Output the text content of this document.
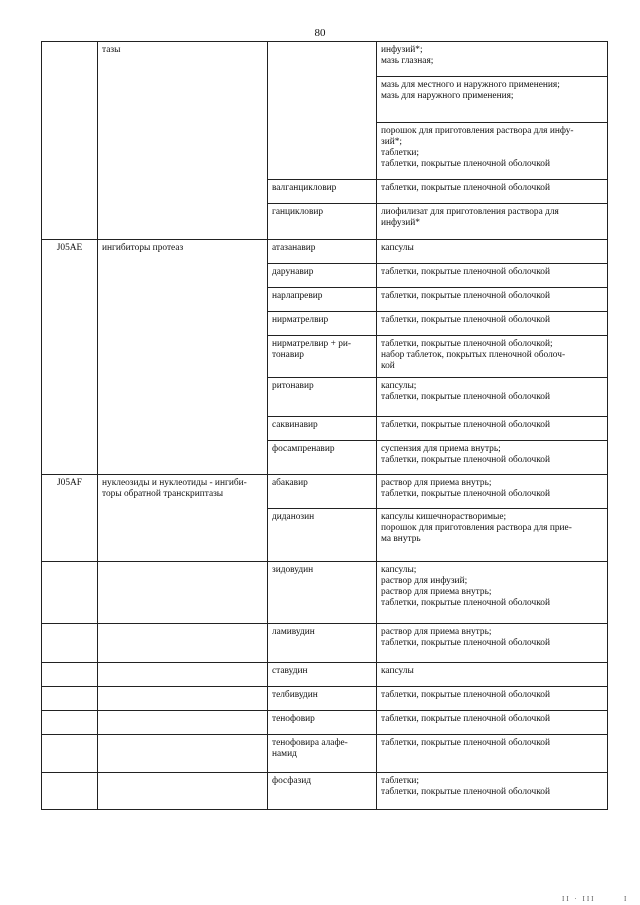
80
	тазы		инфузий*;
мазь глазная;
			мазь для местного и наружного применения;
мазь для наружного применения;
			порошок для приготовления раствора для инфу-
зий*;
таблетки;
таблетки, покрытые пленочной оболочкой
		валганцикловир	таблетки, покрытые пленочной оболочкой
		ганцикловир	лиофилизат для приготовления раствора для
инфузий*
J05AE	ингибиторы протеаз	атазанавир	капсулы
		дарунавир	таблетки, покрытые пленочной оболочкой
		нарлапревир	таблетки, покрытые пленочной оболочкой
		нирматрелвир	таблетки, покрытые пленочной оболочкой
		нирматрелвир + ри-
тонавир	таблетки, покрытые пленочной оболочкой;
набор таблеток, покрытых пленочной оболоч-
кой
		ритонавир	капсулы;
таблетки, покрытые пленочной оболочкой
		саквинавир	таблетки, покрытые пленочной оболочкой
		фосампренавир	суспензия для приема внутрь;
таблетки, покрытые пленочной оболочкой
J05AF	нуклеозиды и нуклеотиды - ингиби-
торы обратной транскриптазы	абакавир	раствор для приема внутрь;
таблетки, покрытые пленочной оболочкой
		диданозин	капсулы кишечнорастворимые;
порошок для приготовления раствора для прие-
ма внутрь
		зидовудин	капсулы;
раствор для инфузий;
раствор для приема внутрь;
таблетки, покрытые пленочной оболочкой
		ламивудин	раствор для приема внутрь;
таблетки, покрытые пленочной оболочкой
		ставудин	капсулы
		телбивудин	таблетки, покрытые пленочной оболочкой
		тенофовир	таблетки, покрытые пленочной оболочкой
		тенофовира алафе-
намид	таблетки, покрытые пленочной оболочкой
		фосфазид	таблетки;
таблетки, покрытые пленочной оболочкой
II · III	I
